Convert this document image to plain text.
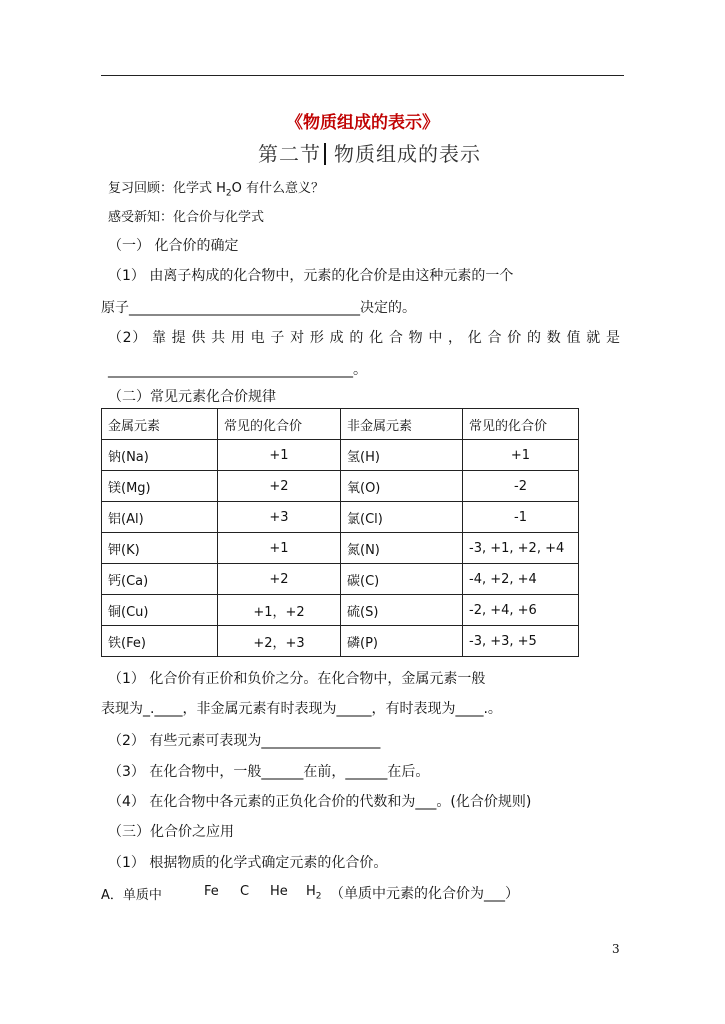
《物质组成的表示》
第二节 物质组成的表示
复习回顾：化学式 $H_2O$ 有什么意义？
感受新知：化合价与化学式
（一） 化合价的确定
（1） 由离子构成的化合物中，元素的化合价是由这种元素的一个
原子_________________________________决定的。
（2） 靠 提 供 共 用 电 子 对 形 成 的 化 合 物 中 ， 化 合 价 的 数 值 就 是
___________________________________。
（二）常见元素化合价规律
金属元素	常见的化合价	非金属元素	常见的化合价
钠(Na)	+1	氢(H)	+1
镁(Mg)	+2	氧(O)	-2
铝(Al)	+3	氯(Cl)	-1
钾(K)	+1	氮(N)	-3, +1, +2, +4
钙(Ca)	+2	碳(C)	-4, +2, +4
铜(Cu)	+1，+2	硫(S)	-2, +4, +6
铁(Fe)	+2，+3	磷(P)	-3, +3, +5
（1） 化合价有正价和负价之分。在化合物中，金属元素一般
表现为_.____，非金属元素有时表现为_____，有时表现为____.。
（2） 有些元素可表现为_________________
（3） 在化合物中，一般______在前，______在后。
（4） 在化合物中各元素的正负化合价的代数和为___。(化合价规则)
（三）化合价之应用
（1） 根据物质的化学式确定元素的化合价。
A．单质中	Fe C He $H_2$ （单质中元素的化合价为___）
3
